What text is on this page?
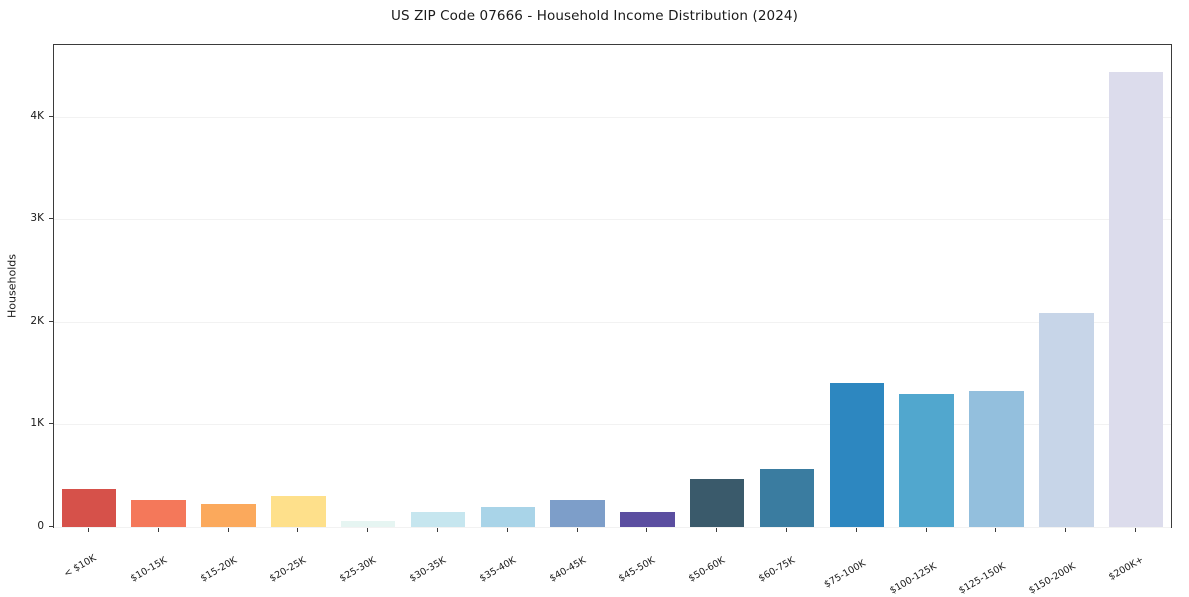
US ZIP Code 07666 - Household Income Distribution (2024)
Households
0
1K
2K
3K
4K
< $10K	$10-15K	$15-20K	$20-25K	$25-30K	$30-35K	$35-40K	$40-45K	$45-50K	$50-60K	$60-75K	$75-100K	$100-125K	$125-150K	$150-200K	$200K+
